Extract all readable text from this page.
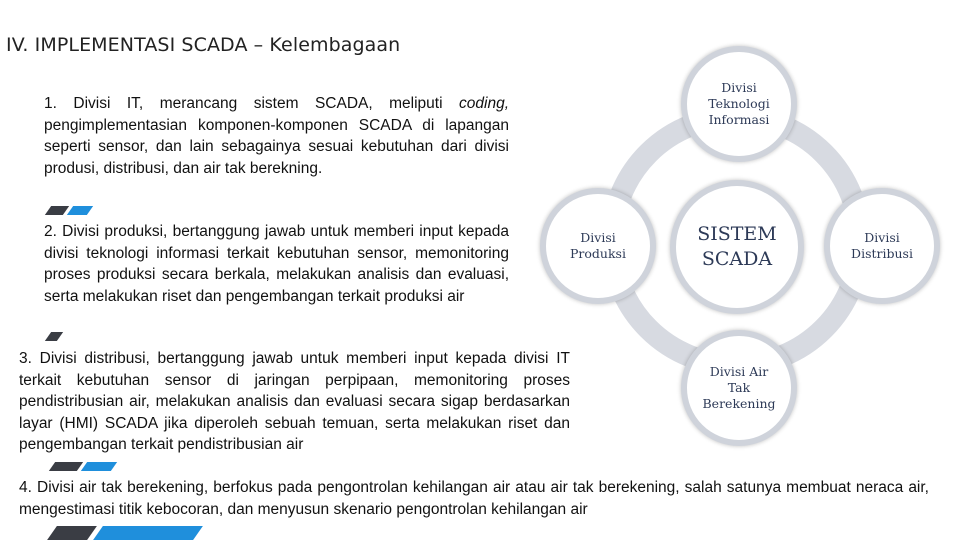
IV. IMPLEMENTASI SCADA – Kelembagaan
1. Divisi IT, merancang sistem SCADA, meliputi coding, pengimplementasian komponen-komponen SCADA di lapangan seperti sensor, dan lain sebagainya sesuai kebutuhan dari divisi produsi, distribusi, dan air tak berekning.
2. Divisi produksi, bertanggung jawab untuk memberi input kepada divisi teknologi informasi terkait kebutuhan sensor, memonitoring proses produksi secara berkala, melakukan analisis dan evaluasi, serta melakukan riset dan pengembangan terkait produksi air
3. Divisi distribusi, bertanggung jawab untuk memberi input kepada divisi IT terkait kebutuhan sensor di jaringan perpipaan, memonitoring proses pendistribusian air, melakukan analisis dan evaluasi secara sigap berdasarkan layar (HMI) SCADA jika diperoleh sebuah temuan, serta melakukan riset dan pengembangan terkait pendistribusian air
4. Divisi air tak berekening, berfokus pada pengontrolan kehilangan air atau air tak berekening, salah satunya membuat neraca air, mengestimasi titik kebocoran, dan menyusun skenario pengontrolan kehilangan air
Divisi
Teknologi
Informasi
SISTEM
SCADA
Divisi
Produksi
Divisi
Distribusi
Divisi Air
Tak
Berekening
